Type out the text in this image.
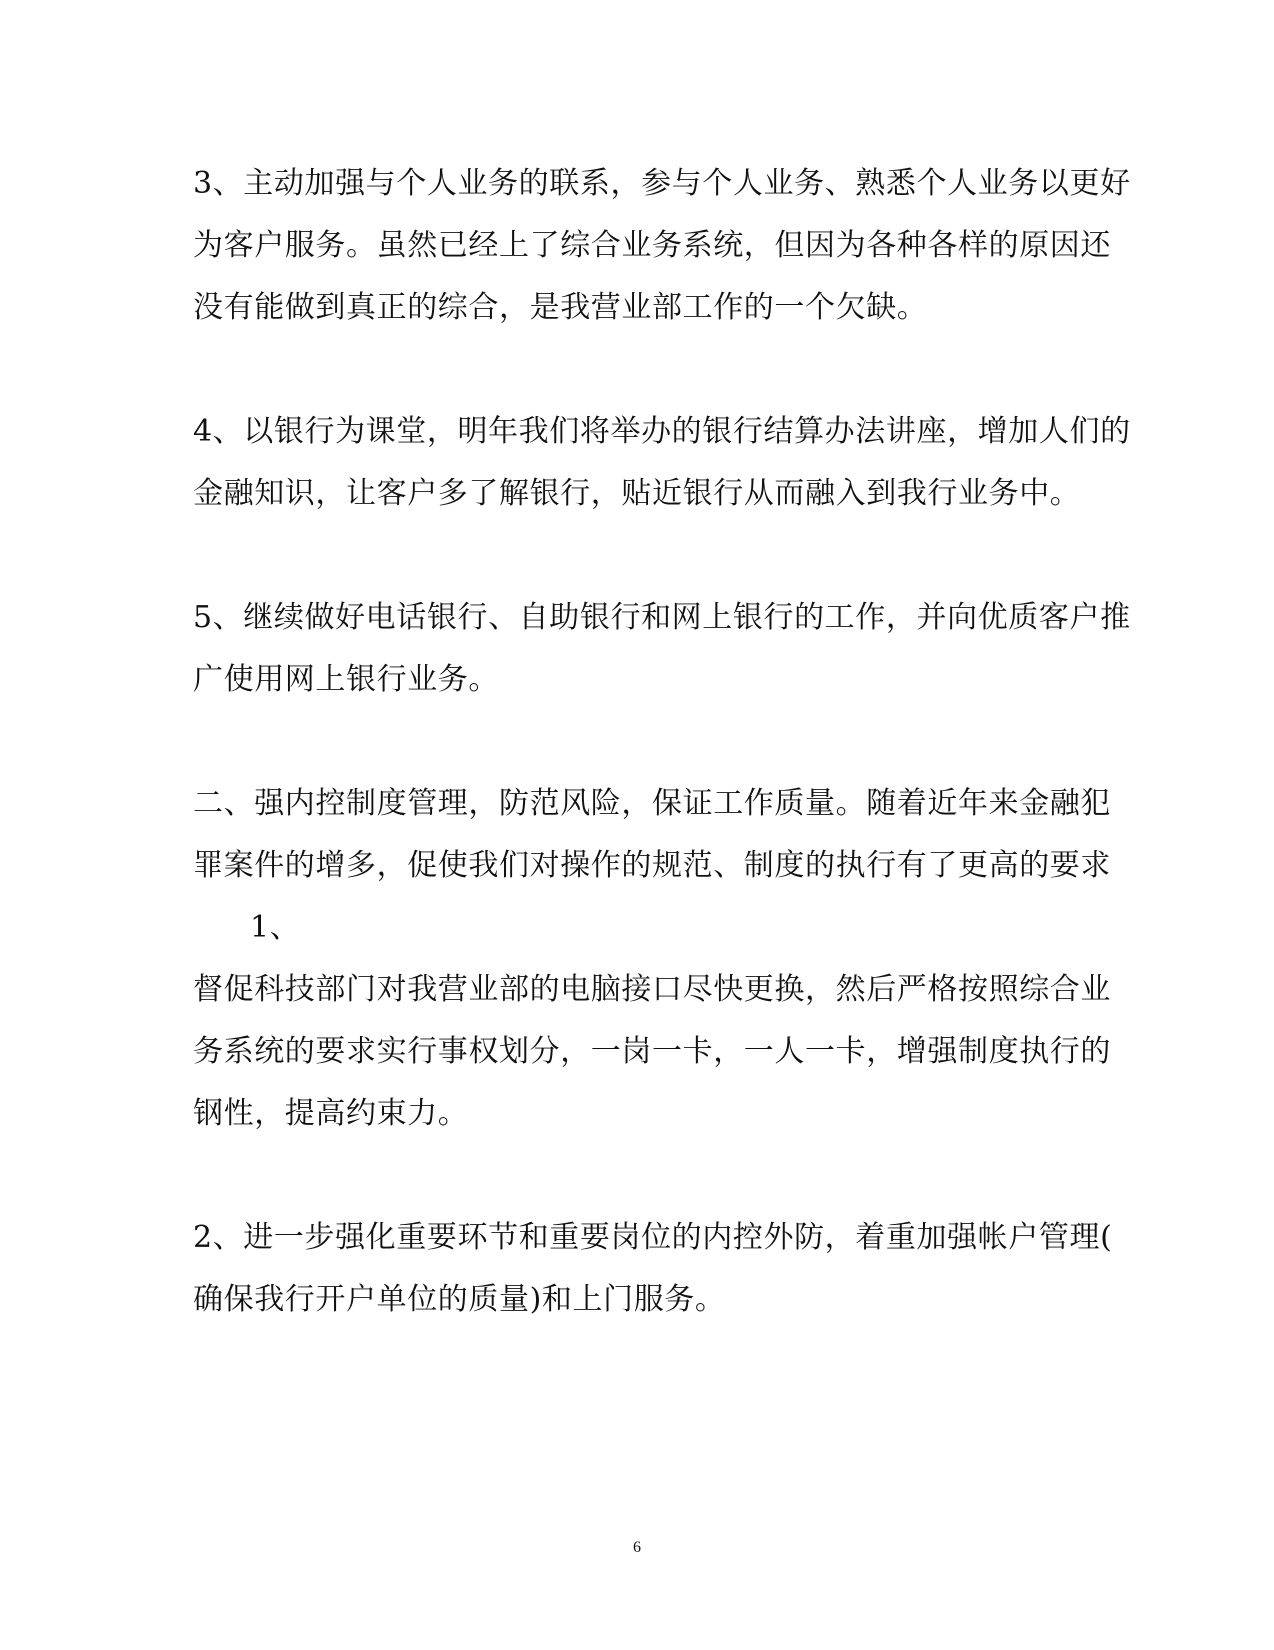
3、主动加强与个人业务的联系，参与个人业务、熟悉个人业务以更好
为客户服务。虽然已经上了综合业务系统，但因为各种各样的原因还
没有能做到真正的综合，是我营业部工作的一个欠缺。
4、以银行为课堂，明年我们将举办的银行结算办法讲座，增加人们的
金融知识，让客户多了解银行，贴近银行从而融入到我行业务中。
5、继续做好电话银行、自助银行和网上银行的工作，并向优质客户推
广使用网上银行业务。
二、强内控制度管理，防范风险，保证工作质量。随着近年来金融犯
罪案件的增多，促使我们对操作的规范、制度的执行有了更高的要求
1、
督促科技部门对我营业部的电脑接口尽快更换，然后严格按照综合业
务系统的要求实行事权划分，一岗一卡，一人一卡，增强制度执行的
钢性，提高约束力。
2、进一步强化重要环节和重要岗位的内控外防，着重加强帐户管理(
确保我行开户单位的质量)和上门服务。
6
